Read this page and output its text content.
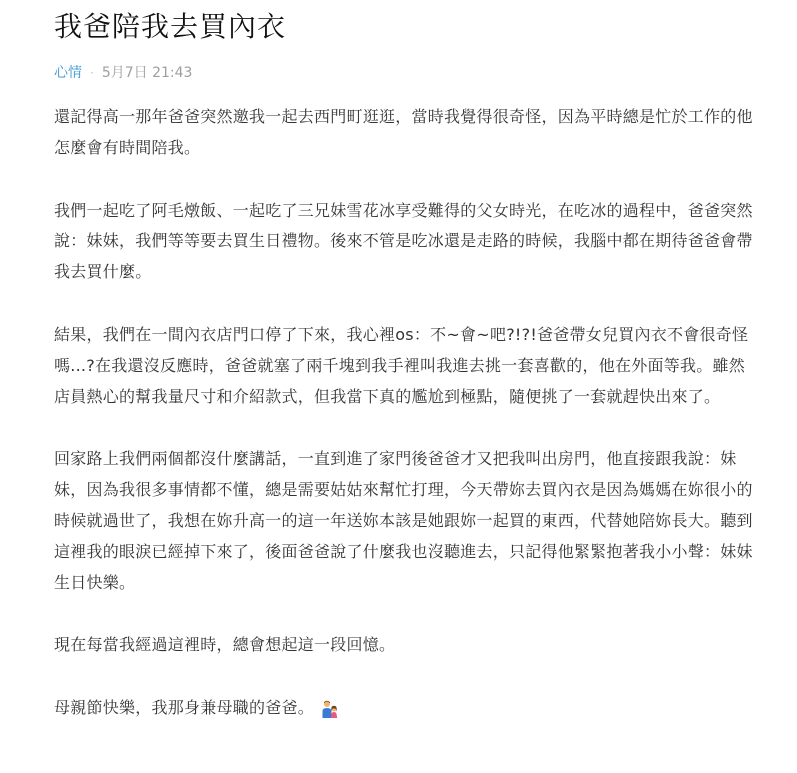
我爸陪我去買內衣
心情 · 5月7日 21:43

還記得高一那年爸爸突然邀我一起去西門町逛逛，當時我覺得很奇怪，因為平時總是忙於工作的他怎麼會有時間陪我。

我們一起吃了阿毛燉飯、一起吃了三兄妹雪花冰享受難得的父女時光，在吃冰的過程中，爸爸突然說：妹妹，我們等等要去買生日禮物。後來不管是吃冰還是走路的時候，我腦中都在期待爸爸會帶我去買什麼。

結果，我們在一間內衣店門口停了下來，我心裡os：不~會~吧?!?!爸爸帶女兒買內衣不會很奇怪嗎...?在我還沒反應時，爸爸就塞了兩千塊到我手裡叫我進去挑一套喜歡的，他在外面等我。雖然店員熱心的幫我量尺寸和介紹款式，但我當下真的尷尬到極點，隨便挑了一套就趕快出來了。

回家路上我們兩個都沒什麼講話，一直到進了家門後爸爸才又把我叫出房門，他直接跟我說：妹妹，因為我很多事情都不懂，總是需要姑姑來幫忙打理，今天帶妳去買內衣是因為媽媽在妳很小的時候就過世了，我想在妳升高一的這一年送妳本該是她跟妳一起買的東西，代替她陪妳長大。聽到這裡我的眼淚已經掉下來了，後面爸爸說了什麼我也沒聽進去，只記得他緊緊抱著我小小聲：妹妹生日快樂。

現在每當我經過這裡時，總會想起這一段回憶。

母親節快樂，我那身兼母職的爸爸。
